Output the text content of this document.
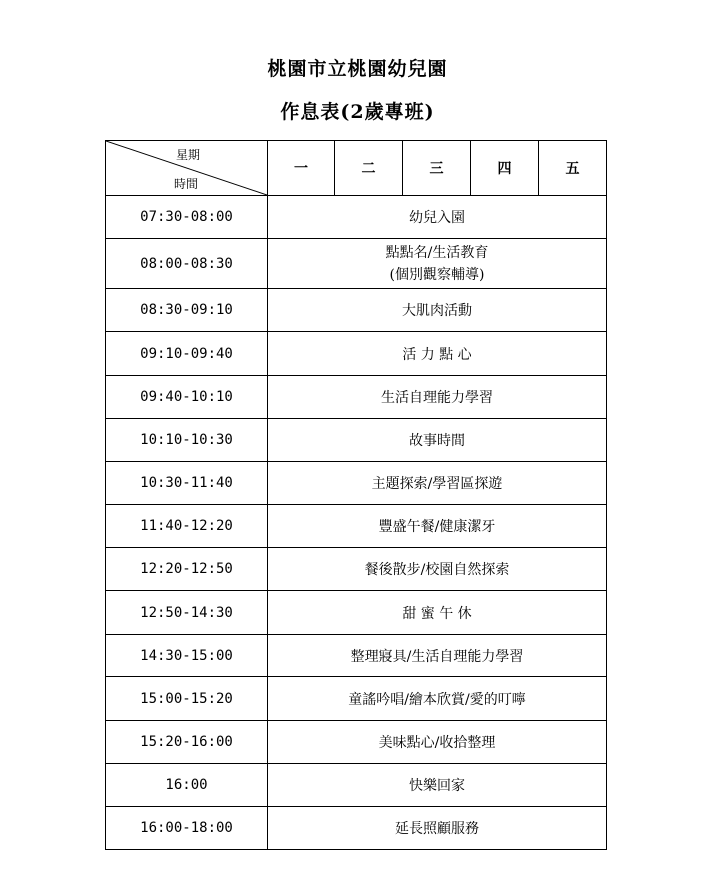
桃園市立桃園幼兒園
作息表(2歲專班)
星期
時間	一	二	三	四	五
07:30-08:00	幼兒入園				
08:00-08:30	點點名/生活教育
(個別觀察輔導)				

08:30-09:10	大肌肉活動				
09:10-09:40	活 力 點 心				
09:40-10:10	生活自理能力學習				
10:10-10:30	故事時間				
10:30-11:40	主題探索/學習區探遊				
11:40-12:20	豐盛午餐/健康潔牙				
12:20-12:50	餐後散步/校園自然探索				
12:50-14:30	甜 蜜 午 休				
14:30-15:00	整理寢具/生活自理能力學習				
15:00-15:20	童謠吟唱/繪本欣賞/愛的叮嚀				
15:20-16:00	美味點心/收拾整理				
16:00	快樂回家				
16:00-18:00	延長照顧服務				
